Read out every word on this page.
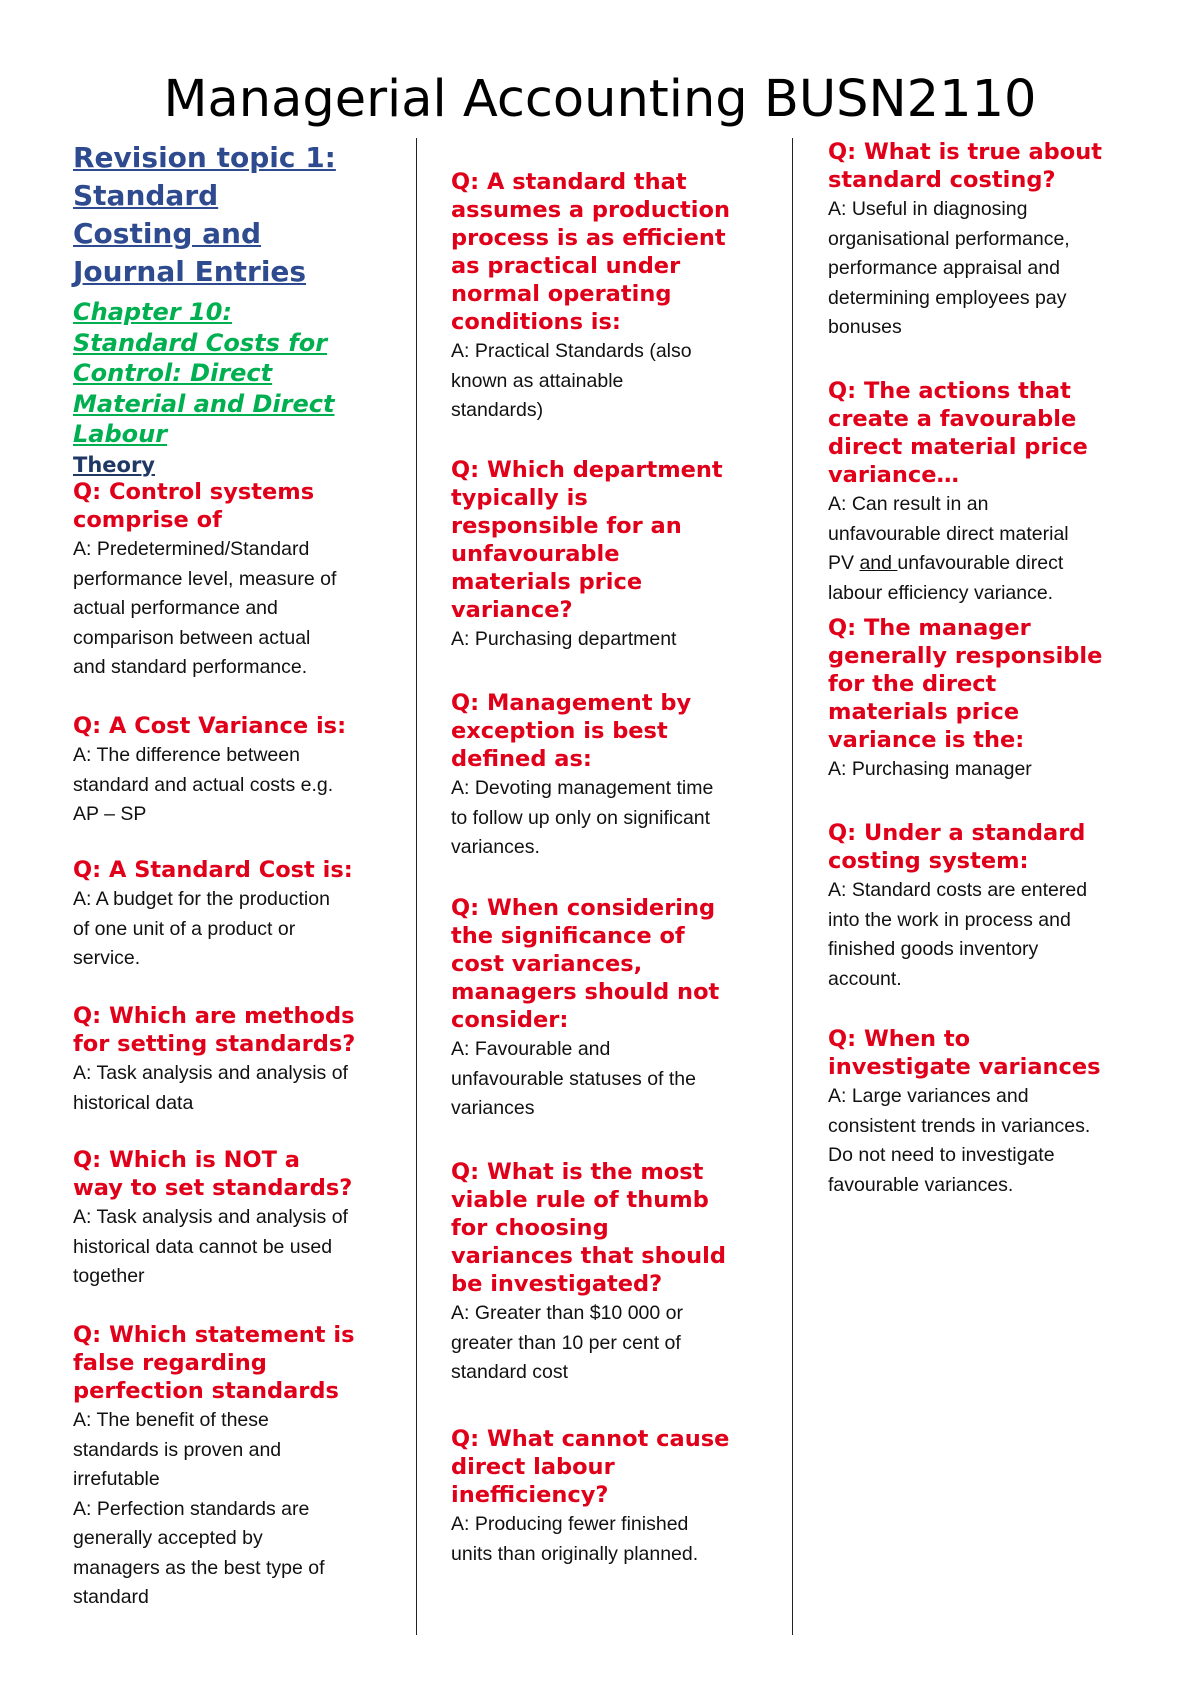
Managerial Accounting BUSN2110
Revision topic 1:
Standard
Costing and
Journal Entries
Chapter 10:
Standard Costs for
Control: Direct
Material and Direct
Labour
Theory
Q: Control systems
comprise of
A: Predetermined/Standard
performance level, measure of
actual performance and
comparison between actual
and standard performance.
Q: A Cost Variance is:
A: The difference between
standard and actual costs e.g.
AP – SP
Q: A Standard Cost is:
A: A budget for the production
of one unit of a product or
service.
Q: Which are methods
for setting standards?
A: Task analysis and analysis of
historical data
Q: Which is NOT a
way to set standards?
A: Task analysis and analysis of
historical data cannot be used
together
Q: Which statement is
false regarding
perfection standards
A: The benefit of these
standards is proven and
irrefutable
A: Perfection standards are
generally accepted by
managers as the best type of
standard
Q: A standard that
assumes a production
process is as efficient
as practical under
normal operating
conditions is:
A: Practical Standards (also
known as attainable
standards)
Q: Which department
typically is
responsible for an
unfavourable
materials price
variance?
A: Purchasing department
Q: Management by
exception is best
defined as:
A: Devoting management time
to follow up only on significant
variances.
Q: When considering
the significance of
cost variances,
managers should not
consider:
A: Favourable and
unfavourable statuses of the
variances
Q: What is the most
viable rule of thumb
for choosing
variances that should
be investigated?
A: Greater than $10 000 or
greater than 10 per cent of
standard cost
Q: What cannot cause
direct labour
inefficiency?
A: Producing fewer finished
units than originally planned.
Q: What is true about
standard costing?
A: Useful in diagnosing
organisational performance,
performance appraisal and
determining employees pay
bonuses
Q: The actions that
create a favourable
direct material price
variance…
A: Can result in an
unfavourable direct material
PV and unfavourable direct
labour efficiency variance.
Q: The manager
generally responsible
for the direct
materials price
variance is the:
A: Purchasing manager
Q: Under a standard
costing system:
A: Standard costs are entered
into the work in process and
finished goods inventory
account.
Q: When to
investigate variances
A: Large variances and
consistent trends in variances.
Do not need to investigate
favourable variances.
